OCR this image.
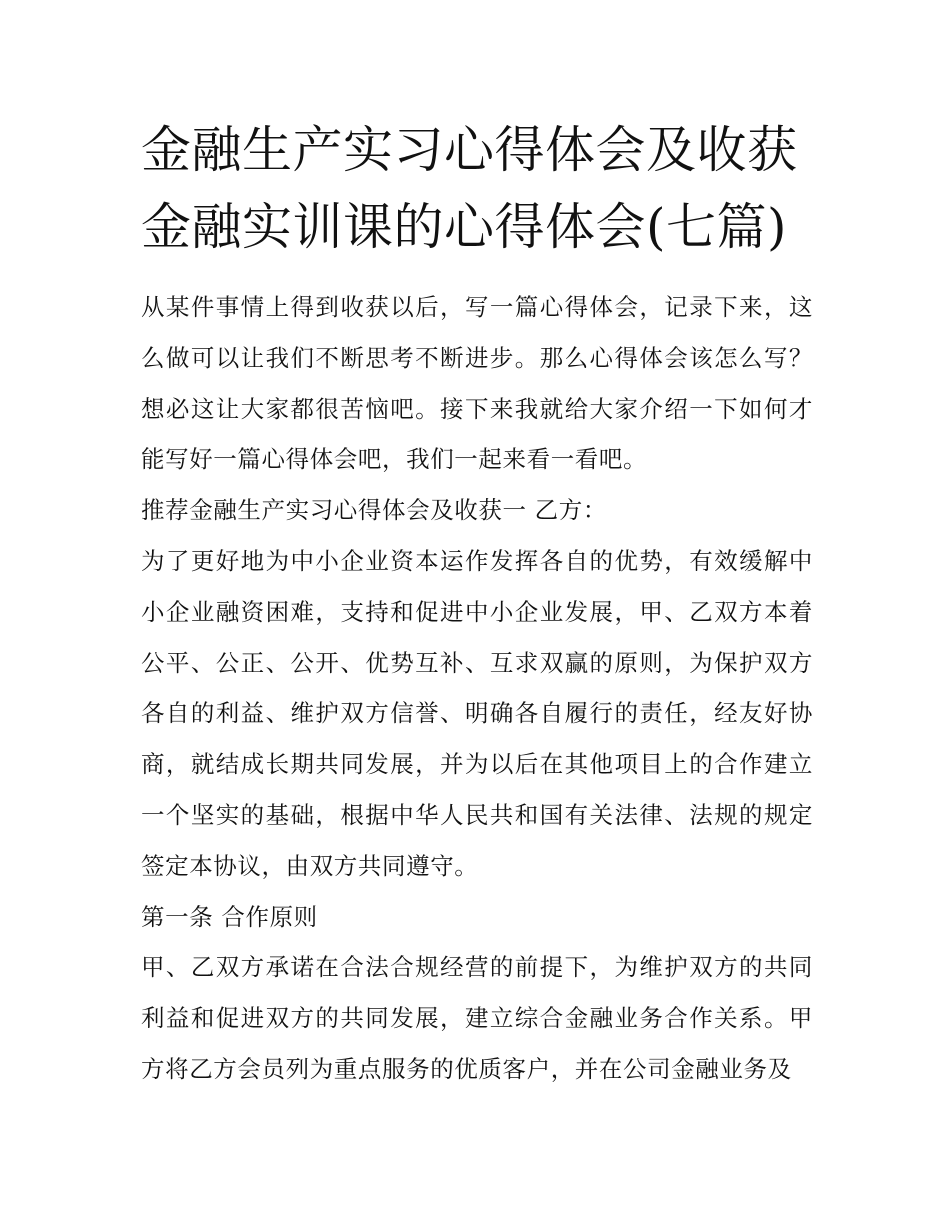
金融生产实习心得体会及收获
金融实训课的心得体会(七篇)

从某件事情上得到收获以后，写一篇心得体会，记录下来，这么做可以让我们不断思考不断进步。那么心得体会该怎么写？想必这让大家都很苦恼吧。接下来我就给大家介绍一下如何才能写好一篇心得体会吧，我们一起来看一看吧。

推荐金融生产实习心得体会及收获一 乙方：

为了更好地为中小企业资本运作发挥各自的优势，有效缓解中小企业融资困难，支持和促进中小企业发展，甲、乙双方本着公平、公正、公开、优势互补、互求双赢的原则，为保护双方各自的利益、维护双方信誉、明确各自履行的责任，经友好协商，就结成长期共同发展，并为以后在其他项目上的合作建立一个坚实的基础，根据中华人民共和国有关法律、法规的规定签定本协议，由双方共同遵守。

第一条 合作原则

甲、乙双方承诺在合法合规经营的前提下，为维护双方的共同利益和促进双方的共同发展，建立综合金融业务合作关系。甲方将乙方会员列为重点服务的优质客户，并在公司金融业务及
